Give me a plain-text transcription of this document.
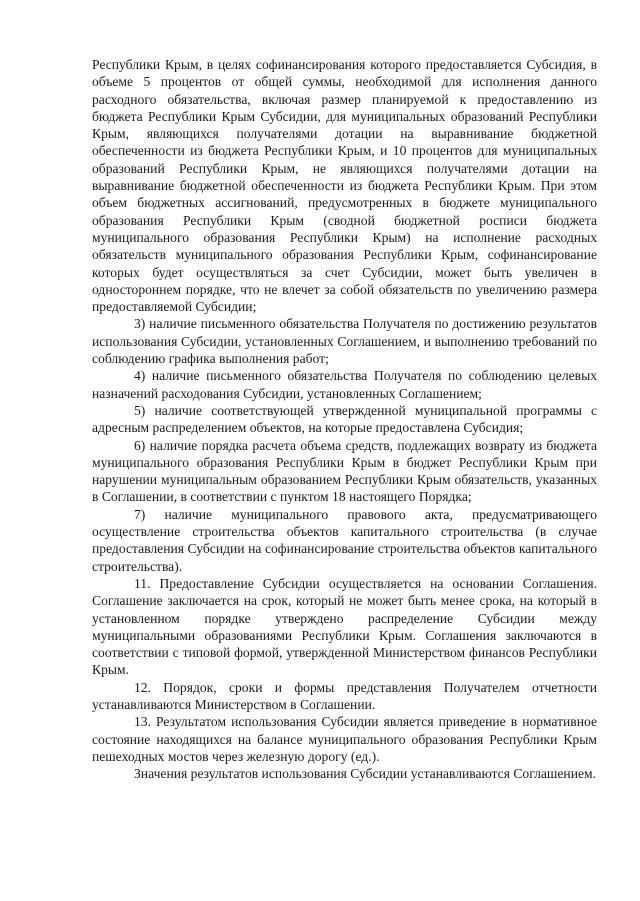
Республики Крым, в целях софинансирования которого предоставляется Субсидия, в объеме 5 процентов от общей суммы, необходимой для исполнения данного расходного обязательства, включая размер планируемой к предоставлению из бюджета Республики Крым Субсидии, для муниципальных образований Республики Крым, являющихся получателями дотации на выравнивание бюджетной обеспеченности из бюджета Республики Крым, и 10 процентов для муниципальных образований Республики Крым, не являющихся получателями дотации на выравнивание бюджетной обеспеченности из бюджета Республики Крым. При этом объем бюджетных ассигнований, предусмотренных в бюджете муниципального образования Республики Крым (сводной бюджетной росписи бюджета муниципального образования Республики Крым) на исполнение расходных обязательств муниципального образования Республики Крым, софинансирование которых будет осуществляться за счет Субсидии, может быть увеличен в одностороннем порядке, что не влечет за собой обязательств по увеличению размера предоставляемой Субсидии;

3) наличие письменного обязательства Получателя по достижению результатов использования Субсидии, установленных Соглашением, и выполнению требований по соблюдению графика выполнения работ;

4) наличие письменного обязательства Получателя по соблюдению целевых назначений расходования Субсидии, установленных Соглашением;

5) наличие соответствующей утвержденной муниципальной программы с адресным распределением объектов, на которые предоставлена Субсидия;

6) наличие порядка расчета объема средств, подлежащих возврату из бюджета муниципального образования Республики Крым в бюджет Республики Крым при нарушении муниципальным образованием Республики Крым обязательств, указанных в Соглашении, в соответствии с пунктом 18 настоящего Порядка;

7) наличие муниципального правового акта, предусматривающего осуществление строительства объектов капитального строительства (в случае предоставления Субсидии на софинансирование строительства объектов капитального строительства).

11. Предоставление Субсидии осуществляется на основании Соглашения. Соглашение заключается на срок, который не может быть менее срока, на который в установленном порядке утверждено распределение Субсидии между муниципальными образованиями Республики Крым. Соглашения заключаются в соответствии с типовой формой, утвержденной Министерством финансов Республики Крым.

12. Порядок, сроки и формы представления Получателем отчетности устанавливаются Министерством в Соглашении.

13. Результатом использования Субсидии является приведение в нормативное состояние находящихся на балансе муниципального образования Республики Крым пешеходных мостов через железную дорогу (ед.).

Значения результатов использования Субсидии устанавливаются Соглашением.
